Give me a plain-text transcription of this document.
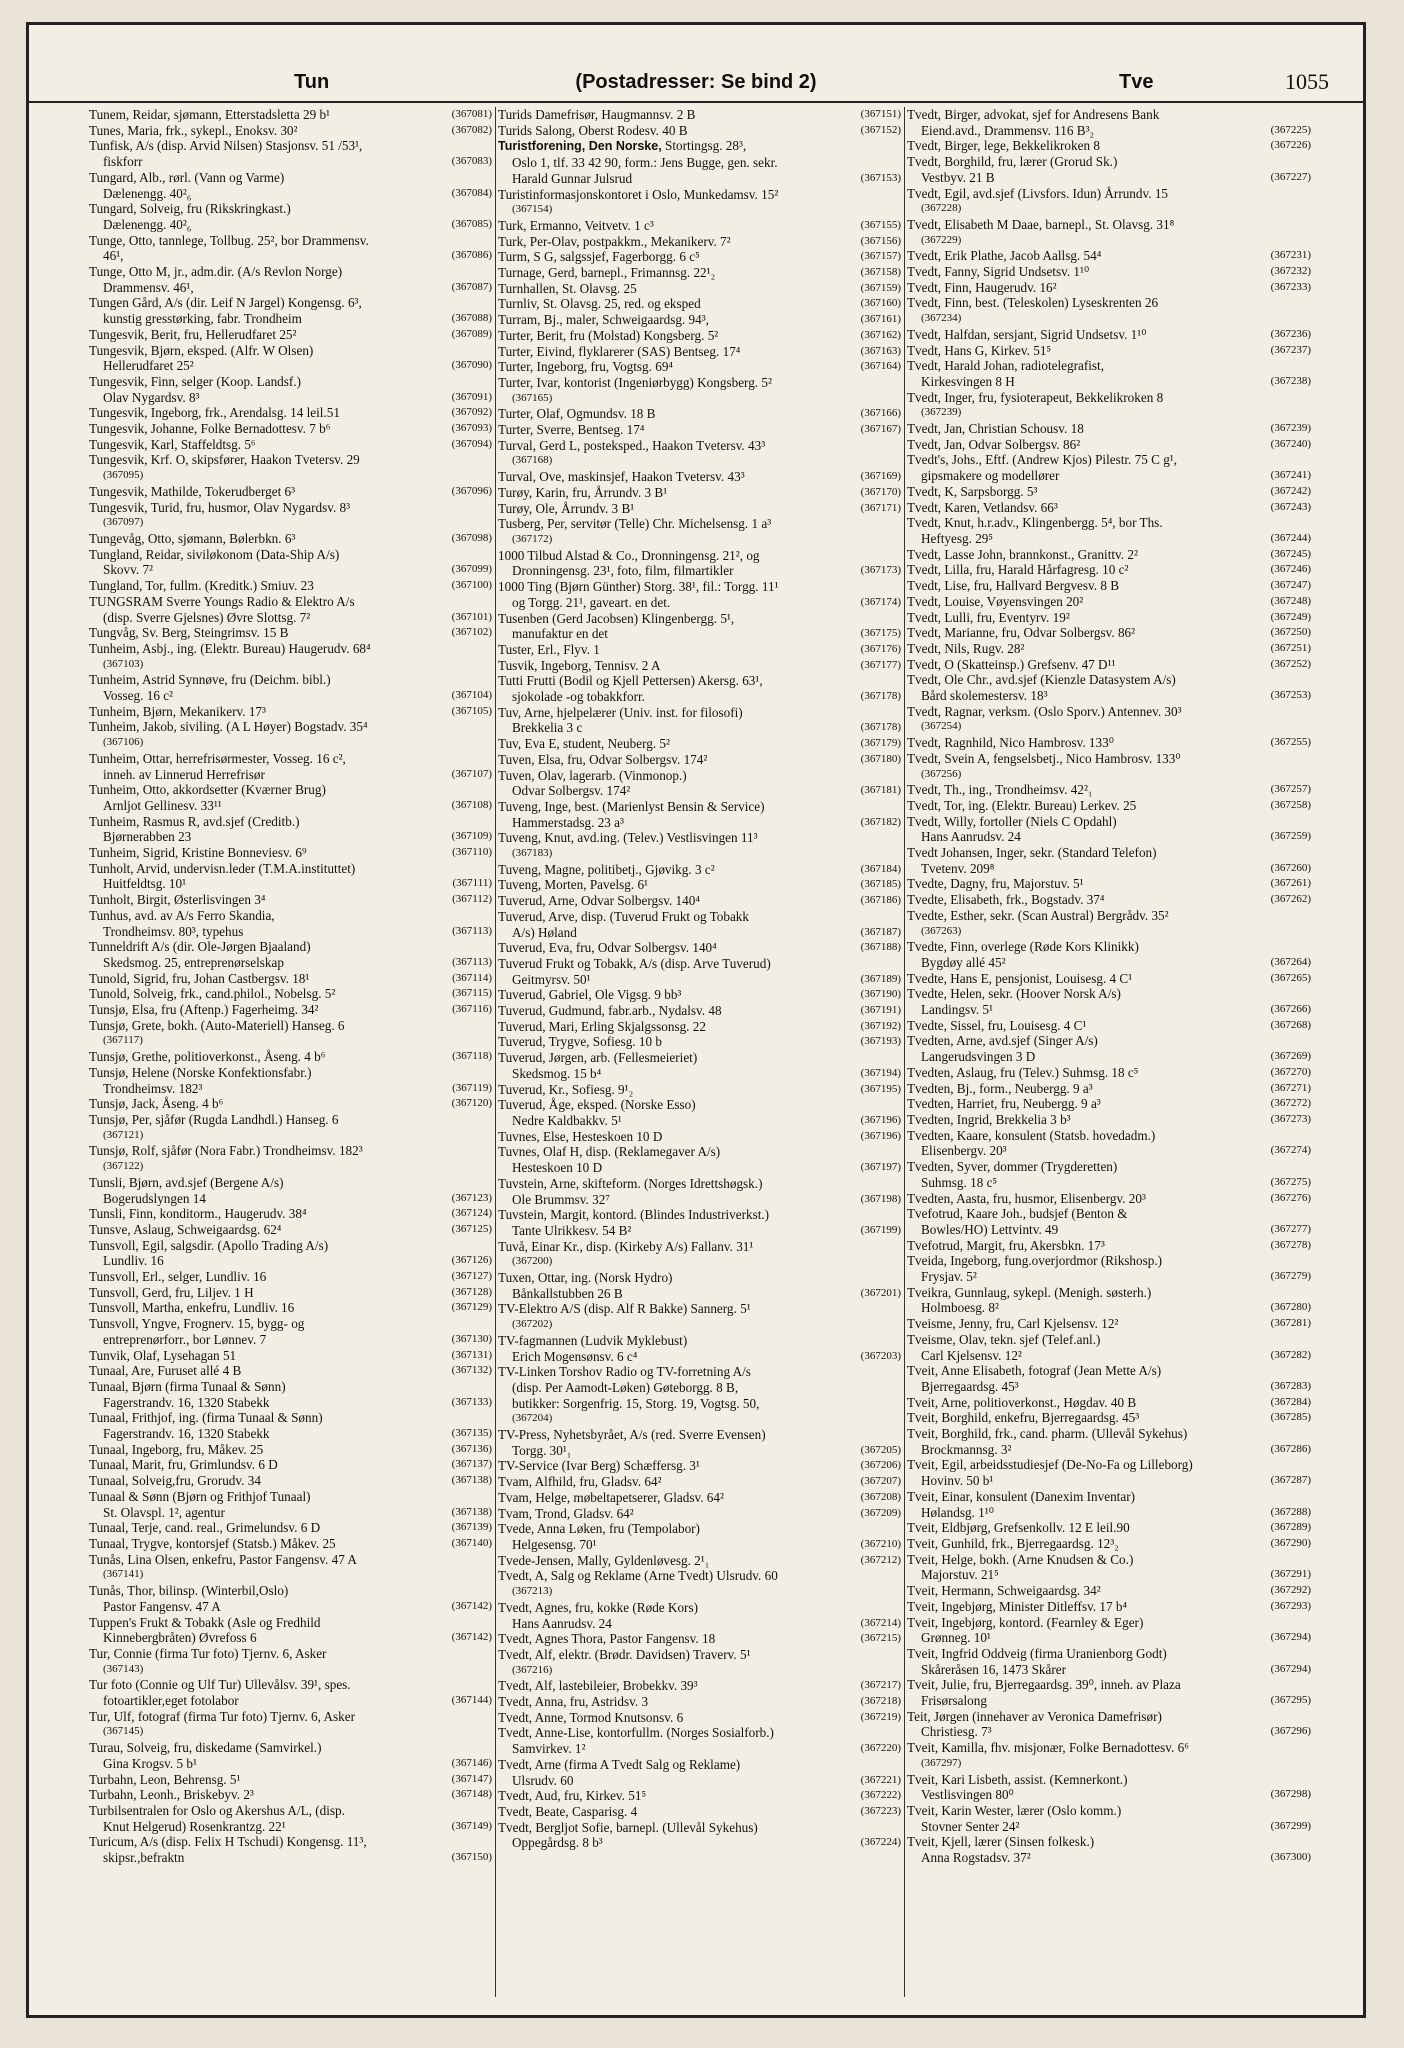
Tun	(Postadresser: Se bind 2)	Tve	1055
Tunem, Reidar, sjømann, Etterstadsletta 29 b¹	(367081)
Tunes, Maria, frk., sykepl., Enoksv. 30²	(367082)
Tunfisk, A/s (disp. Arvid Nilsen) Stasjonsv. 51 /53¹,
fiskforr	(367083)
Tungard, Alb., rørl. (Vann og Varme)
Dælenengg. 40²₆	(367084)
Tungard, Solveig, fru (Rikskringkast.)
Dælenengg. 40²₆	(367085)
Tunge, Otto, tannlege, Tollbug. 25², bor Drammensv.
46¹,	(367086)
Tunge, Otto M, jr., adm.dir. (A/s Revlon Norge)
Drammensv. 46¹,	(367087)
Tungen Gård, A/s (dir. Leif N Jargel) Kongensg. 6³,
kunstig gresstørking, fabr. Trondheim	(367088)
Tungesvik, Berit, fru, Hellerudfaret 25²	(367089)
Tungesvik, Bjørn, eksped. (Alfr. W Olsen)
Hellerudfaret 25²	(367090)
Tungesvik, Finn, selger (Koop. Landsf.)
Olav Nygardsv. 8³	(367091)
Tungesvik, Ingeborg, frk., Arendalsg. 14 leil.51	(367092)
Tungesvik, Johanne, Folke Bernadottesv. 7 b⁶	(367093)
Tungesvik, Karl, Staffeldtsg. 5⁶	(367094)
Tungesvik, Krf. O, skipsfører, Haakon Tvetersv. 29
(367095)
Tungesvik, Mathilde, Tokerudberget 6³	(367096)
Tungesvik, Turid, fru, husmor, Olav Nygardsv. 8³
(367097)
Tungevåg, Otto, sjømann, Bølerbkn. 6³	(367098)
Tungland, Reidar, siviløkonom (Data-Ship A/s)
Skovv. 7²	(367099)
Tungland, Tor, fullm. (Kreditk.) Smiuv. 23	(367100)
TUNGSRAM Sverre Youngs Radio & Elektro A/s
(disp. Sverre Gjelsnes) Øvre Slottsg. 7²	(367101)
Tungvåg, Sv. Berg, Steingrimsv. 15 B	(367102)
Tunheim, Asbj., ing. (Elektr. Bureau) Haugerudv. 68⁴
(367103)
Tunheim, Astrid Synnøve, fru (Deichm. bibl.)
Vosseg. 16 c²	(367104)
Tunheim, Bjørn, Mekanikerv. 17³	(367105)
Tunheim, Jakob, siviling. (A L Høyer) Bogstadv. 35⁴
(367106)
Tunheim, Ottar, herrefrisørmester, Vosseg. 16 c²,
inneh. av Linnerud Herrefrisør	(367107)
Tunheim, Otto, akkordsetter (Kværner Brug)
Arnljot Gellinesv. 33¹¹	(367108)
Tunheim, Rasmus R, avd.sjef (Creditb.)
Bjørnerabben 23	(367109)
Tunheim, Sigrid, Kristine Bonneviesv. 6⁹	(367110)
Tunholt, Arvid, undervisn.leder (T.M.A.instituttet)
Huitfeldtsg. 10¹	(367111)
Tunholt, Birgit, Østerlisvingen 3⁴	(367112)
Tunhus, avd. av A/s Ferro Skandia,
Trondheimsv. 80³, typehus	(367113)
Tunneldrift A/s (dir. Ole-Jørgen Bjaaland)
Skedsmog. 25, entreprenørselskap	(367113)
Tunold, Sigrid, fru, Johan Castbergsv. 18¹	(367114)
Tunold, Solveig, frk., cand.philol., Nobelsg. 5²	(367115)
Tunsjø, Elsa, fru (Aftenp.) Fagerheimg. 34²	(367116)
Tunsjø, Grete, bokh. (Auto-Materiell) Hanseg. 6
(367117)
Tunsjø, Grethe, politioverkonst., Åseng. 4 b⁶	(367118)
Tunsjø, Helene (Norske Konfektionsfabr.)
Trondheimsv. 182³	(367119)
Tunsjø, Jack, Åseng. 4 b⁶	(367120)
Tunsjø, Per, sjåfør (Rugda Landhdl.) Hanseg. 6
(367121)
Tunsjø, Rolf, sjåfør (Nora Fabr.) Trondheimsv. 182³
(367122)
Tunsli, Bjørn, avd.sjef (Bergene A/s)
Bogerudslyngen 14	(367123)
Tunsli, Finn, konditorm., Haugerudv. 38⁴	(367124)
Tunsve, Aslaug, Schweigaardsg. 62⁴	(367125)
Tunsvoll, Egil, salgsdir. (Apollo Trading A/s)
Lundliv. 16	(367126)
Tunsvoll, Erl., selger, Lundliv. 16	(367127)
Tunsvoll, Gerd, fru, Liljev. 1 H	(367128)
Tunsvoll, Martha, enkefru, Lundliv. 16	(367129)
Tunsvoll, Yngve, Frognerv. 15, bygg- og
entreprenørforr., bor Lønnev. 7	(367130)
Tunvik, Olaf, Lysehagan 51	(367131)
Tunaal, Are, Furuset allé 4 B	(367132)
Tunaal, Bjørn (firma Tunaal & Sønn)
Fagerstrandv. 16, 1320 Stabekk	(367133)
Tunaal, Frithjof, ing. (firma Tunaal & Sønn)
Fagerstrandv. 16, 1320 Stabekk	(367135)
Tunaal, Ingeborg, fru, Måkev. 25	(367136)
Tunaal, Marit, fru, Grimlundsv. 6 D	(367137)
Tunaal, Solveig,fru, Grorudv. 34	(367138)
Tunaal & Sønn (Bjørn og Frithjof Tunaal)
St. Olavspl. 1², agentur	(367138)
Tunaal, Terje, cand. real., Grimelundsv. 6 D	(367139)
Tunaal, Trygve, kontorsjef (Statsb.) Måkev. 25	(367140)
Tunås, Lina Olsen, enkefru, Pastor Fangensv. 47 A
(367141)
Tunås, Thor, bilinsp. (Winterbil,Oslo)
Pastor Fangensv. 47 A	(367142)
Tuppen's Frukt & Tobakk (Asle og Fredhild
Kinnebergbråten) Øvrefoss 6	(367142)
Tur, Connie (firma Tur foto) Tjernv. 6, Asker
(367143)
Tur foto (Connie og Ulf Tur) Ullevålsv. 39¹, spes.
fotoartikler,eget fotolabor	(367144)
Tur, Ulf, fotograf (firma Tur foto) Tjernv. 6, Asker
(367145)
Turau, Solveig, fru, diskedame (Samvirkel.)
Gina Krogsv. 5 b¹	(367146)
Turbahn, Leon, Behrensg. 5¹	(367147)
Turbahn, Leonh., Briskebyv. 2³	(367148)
Turbilsentralen for Oslo og Akershus A/L, (disp.
Knut Helgerud) Rosenkrantzg. 22¹	(367149)
Turicum, A/s (disp. Felix H Tschudi) Kongensg. 11³,
skipsr.,befraktn	(367150)
Turids Damefrisør, Haugmannsv. 2 B	(367151)
Turids Salong, Oberst Rodesv. 40 B	(367152)
Turistforening, Den Norske, Stortingsg. 28³,
Oslo 1, tlf. 33 42 90, form.: Jens Bugge, gen. sekr.
Harald Gunnar Julsrud	(367153)
Turistinformasjonskontoret i Oslo, Munkedamsv. 15²
(367154)
Turk, Ermanno, Veitvetv. 1 c³	(367155)
Turk, Per-Olav, postpakkm., Mekanikerv. 7²	(367156)
Turm, S G, salgssjef, Fagerborgg. 6 c⁵	(367157)
Turnage, Gerd, barnepl., Frimannsg. 22¹₂	(367158)
Turnhallen, St. Olavsg. 25	(367159)
Turnliv, St. Olavsg. 25, red. og eksped	(367160)
Turram, Bj., maler, Schweigaardsg. 94³,	(367161)
Turter, Berit, fru (Molstad) Kongsberg. 5²	(367162)
Turter, Eivind, flyklarerer (SAS) Bentseg. 17⁴	(367163)
Turter, Ingeborg, fru, Vogtsg. 69⁴	(367164)
Turter, Ivar, kontorist (Ingeniørbygg) Kongsberg. 5²
(367165)
Turter, Olaf, Ogmundsv. 18 B	(367166)
Turter, Sverre, Bentseg. 17⁴	(367167)
Turval, Gerd L, posteksped., Haakon Tvetersv. 43³
(367168)
Turval, Ove, maskinsjef, Haakon Tvetersv. 43³	(367169)
Turøy, Karin, fru, Årrundv. 3 B¹	(367170)
Turøy, Ole, Årrundv. 3 B¹	(367171)
Tusberg, Per, servitør (Telle) Chr. Michelsensg. 1 a³
(367172)
1000 Tilbud Alstad & Co., Dronningensg. 21², og
Dronningensg. 23¹, foto, film, filmartikler	(367173)
1000 Ting (Bjørn Günther) Storg. 38¹, fil.: Torgg. 11¹
og Torgg. 21¹, gaveart. en det.	(367174)
Tusenben (Gerd Jacobsen) Klingenbergg. 5¹,
manufaktur en det	(367175)
Tuster, Erl., Flyv. 1	(367176)
Tusvik, Ingeborg, Tennisv. 2 A	(367177)
Tutti Frutti (Bodil og Kjell Pettersen) Akersg. 63¹,
sjokolade -og tobakkforr.	(367178)
Tuv, Arne, hjelpelærer (Univ. inst. for filosofi)
Brekkelia 3 c	(367178)
Tuv, Eva E, student, Neuberg. 5²	(367179)
Tuven, Elsa, fru, Odvar Solbergsv. 174²	(367180)
Tuven, Olav, lagerarb. (Vinmonop.)
Odvar Solbergsv. 174²	(367181)
Tuveng, Inge, best. (Marienlyst Bensin & Service)
Hammerstadsg. 23 a³	(367182)
Tuveng, Knut, avd.ing. (Telev.) Vestlisvingen 11³
(367183)
Tuveng, Magne, politibetj., Gjøvikg. 3 c²	(367184)
Tuveng, Morten, Pavelsg. 6¹	(367185)
Tuverud, Arne, Odvar Solbergsv. 140⁴	(367186)
Tuverud, Arve, disp. (Tuverud Frukt og Tobakk
A/s) Høland	(367187)
Tuverud, Eva, fru, Odvar Solbergsv. 140⁴	(367188)
Tuverud Frukt og Tobakk, A/s (disp. Arve Tuverud)
Geitmyrsv. 50¹	(367189)
Tuverud, Gabriel, Ole Vigsg. 9 bb³	(367190)
Tuverud, Gudmund, fabr.arb., Nydalsv. 48	(367191)
Tuverud, Mari, Erling Skjalgssonsg. 22	(367192)
Tuverud, Trygve, Sofiesg. 10 b	(367193)
Tuverud, Jørgen, arb. (Fellesmeieriet)
Skedsmog. 15 b⁴	(367194)
Tuverud, Kr., Sofiesg. 9¹₂	(367195)
Tuverud, Åge, eksped. (Norske Esso)
Nedre Kaldbakkv. 5¹	(367196)
Tuvnes, Else, Hesteskoen 10 D	(367196)
Tuvnes, Olaf H, disp. (Reklamegaver A/s)
Hesteskoen 10 D	(367197)
Tuvstein, Arne, skifteform. (Norges Idrettshøgsk.)
Ole Brummsv. 32⁷	(367198)
Tuvstein, Margit, kontord. (Blindes Industriverkst.)
Tante Ulrikkesv. 54 B²	(367199)
Tuvå, Einar Kr., disp. (Kirkeby A/s) Fallanv. 31¹
(367200)
Tuxen, Ottar, ing. (Norsk Hydro)
Bånkallstubben 26 B	(367201)
TV-Elektro A/S (disp. Alf R Bakke) Sannerg. 5¹
(367202)
TV-fagmannen (Ludvik Myklebust)
Erich Mogensønsv. 6 c⁴	(367203)
TV-Linken Torshov Radio og TV-forretning A/s
(disp. Per Aamodt-Løken) Gøteborgg. 8 B,
butikker: Sorgenfrig. 15, Storg. 19, Vogtsg. 50,
(367204)
TV-Press, Nyhetsbyrået, A/s (red. Sverre Evensen)
Torgg. 30¹₁	(367205)
TV-Service (Ivar Berg) Schæffersg. 3¹	(367206)
Tvam, Alfhild, fru, Gladsv. 64²	(367207)
Tvam, Helge, møbeltapetserer, Gladsv. 64²	(367208)
Tvam, Trond, Gladsv. 64²	(367209)
Tvede, Anna Løken, fru (Tempolabor)
Helgesensg. 70¹	(367210)
Tvede-Jensen, Mally, Gyldenløvesg. 2¹₁	(367212)
Tvedt, A, Salg og Reklame (Arne Tvedt) Ulsrudv. 60
(367213)
Tvedt, Agnes, fru, kokke (Røde Kors)
Hans Aanrudsv. 24	(367214)
Tvedt, Agnes Thora, Pastor Fangensv. 18	(367215)
Tvedt, Alf, elektr. (Brødr. Davidsen) Traverv. 5¹
(367216)
Tvedt, Alf, lastebileier, Brobekkv. 39³	(367217)
Tvedt, Anna, fru, Astridsv. 3	(367218)
Tvedt, Anne, Tormod Knutsonsv. 6	(367219)
Tvedt, Anne-Lise, kontorfullm. (Norges Sosialforb.)
Samvirkev. 1²	(367220)
Tvedt, Arne (firma A Tvedt Salg og Reklame)
Ulsrudv. 60	(367221)
Tvedt, Aud, fru, Kirkev. 51⁵	(367222)
Tvedt, Beate, Casparisg. 4	(367223)
Tvedt, Bergljot Sofie, barnepl. (Ullevål Sykehus)
Oppegårdsg. 8 b³	(367224)
Tvedt, Birger, advokat, sjef for Andresens Bank
Eiend.avd., Drammensv. 116 B³₂	(367225)
Tvedt, Birger, lege, Bekkelikroken 8	(367226)
Tvedt, Borghild, fru, lærer (Grorud Sk.)
Vestbyv. 21 B	(367227)
Tvedt, Egil, avd.sjef (Livsfors. Idun) Årrundv. 15
(367228)
Tvedt, Elisabeth M Daae, barnepl., St. Olavsg. 31⁸
(367229)
Tvedt, Erik Plathe, Jacob Aallsg. 54⁴	(367231)
Tvedt, Fanny, Sigrid Undsetsv. 1¹⁰	(367232)
Tvedt, Finn, Haugerudv. 16²	(367233)
Tvedt, Finn, best. (Teleskolen) Lyseskrenten 26
(367234)
Tvedt, Halfdan, sersjant, Sigrid Undsetsv. 1¹⁰	(367236)
Tvedt, Hans G, Kirkev. 51⁵	(367237)
Tvedt, Harald Johan, radiotelegrafist,
Kirkesvingen 8 H	(367238)
Tvedt, Inger, fru, fysioterapeut, Bekkelikroken 8
(367239)
Tvedt, Jan, Christian Schousv. 18	(367239)
Tvedt, Jan, Odvar Solbergsv. 86²	(367240)
Tvedt's, Johs., Eftf. (Andrew Kjos) Pilestr. 75 C g¹,
gipsmakere og modellører	(367241)
Tvedt, K, Sarpsborgg. 5³	(367242)
Tvedt, Karen, Vetlandsv. 66³	(367243)
Tvedt, Knut, h.r.adv., Klingenbergg. 5⁴, bor Ths.
Heftyesg. 29⁵	(367244)
Tvedt, Lasse John, brannkonst., Granittv. 2²	(367245)
Tvedt, Lilla, fru, Harald Hårfagresg. 10 c²	(367246)
Tvedt, Lise, fru, Hallvard Bergvesv. 8 B	(367247)
Tvedt, Louise, Vøyensvingen 20²	(367248)
Tvedt, Lulli, fru, Eventyrv. 19²	(367249)
Tvedt, Marianne, fru, Odvar Solbergsv. 86²	(367250)
Tvedt, Nils, Rugv. 28²	(367251)
Tvedt, O (Skatteinsp.) Grefsenv. 47 D¹¹	(367252)
Tvedt, Ole Chr., avd.sjef (Kienzle Datasystem A/s)
Bård skolemestersv. 18³	(367253)
Tvedt, Ragnar, verksm. (Oslo Sporv.) Antennev. 30³
(367254)
Tvedt, Ragnhild, Nico Hambrosv. 133⁰	(367255)
Tvedt, Svein A, fengselsbetj., Nico Hambrosv. 133⁰
(367256)
Tvedt, Th., ing., Trondheimsv. 42²₁	(367257)
Tvedt, Tor, ing. (Elektr. Bureau) Lerkev. 25	(367258)
Tvedt, Willy, fortoller (Niels C Opdahl)
Hans Aanrudsv. 24	(367259)
Tvedt Johansen, Inger, sekr. (Standard Telefon)
Tvetenv. 209⁸	(367260)
Tvedte, Dagny, fru, Majorstuv. 5¹	(367261)
Tvedte, Elisabeth, frk., Bogstadv. 37⁴	(367262)
Tvedte, Esther, sekr. (Scan Austral) Bergrådv. 35²
(367263)
Tvedte, Finn, overlege (Røde Kors Klinikk)
Bygdøy allé 45²	(367264)
Tvedte, Hans E, pensjonist, Louisesg. 4 C¹	(367265)
Tvedte, Helen, sekr. (Hoover Norsk A/s)
Landingsv. 5¹	(367266)
Tvedte, Sissel, fru, Louisesg. 4 C¹	(367268)
Tvedten, Arne, avd.sjef (Singer A/s)
Langerudsvingen 3 D	(367269)
Tvedten, Aslaug, fru (Telev.) Suhmsg. 18 c⁵	(367270)
Tvedten, Bj., form., Neubergg. 9 a³	(367271)
Tvedten, Harriet, fru, Neubergg. 9 a³	(367272)
Tvedten, Ingrid, Brekkelia 3 b³	(367273)
Tvedten, Kaare, konsulent (Statsb. hovedadm.)
Elisenbergv. 20³	(367274)
Tvedten, Syver, dommer (Trygderetten)
Suhmsg. 18 c⁵	(367275)
Tvedten, Aasta, fru, husmor, Elisenbergv. 20³	(367276)
Tvefotrud, Kaare Joh., budsjef (Benton &
Bowles/HO) Lettvintv. 49	(367277)
Tvefotrud, Margit, fru, Akersbkn. 17³	(367278)
Tveida, Ingeborg, fung.overjordmor (Rikshosp.)
Frysjav. 5²	(367279)
Tveikra, Gunnlaug, sykepl. (Menigh. søsterh.)
Holmboesg. 8²	(367280)
Tveisme, Jenny, fru, Carl Kjelsensv. 12²	(367281)
Tveisme, Olav, tekn. sjef (Telef.anl.)
Carl Kjelsensv. 12²	(367282)
Tveit, Anne Elisabeth, fotograf (Jean Mette A/s)
Bjerregaardsg. 45³	(367283)
Tveit, Arne, politioverkonst., Høgdav. 40 B	(367284)
Tveit, Borghild, enkefru, Bjerregaardsg. 45³	(367285)
Tveit, Borghild, frk., cand. pharm. (Ullevål Sykehus)
Brockmannsg. 3²	(367286)
Tveit, Egil, arbeidsstudiesjef (De-No-Fa og Lilleborg)
Hovinv. 50 b¹	(367287)
Tveit, Einar, konsulent (Danexim Inventar)
Hølandsg. 1¹⁰	(367288)
Tveit, Eldbjørg, Grefsenkollv. 12 E leil.90	(367289)
Tveit, Gunhild, frk., Bjerregaardsg. 12³₂	(367290)
Tveit, Helge, bokh. (Arne Knudsen & Co.)
Majorstuv. 21⁵	(367291)
Tveit, Hermann, Schweigaardsg. 34²	(367292)
Tveit, Ingebjørg, Minister Ditleffsv. 17 b⁴	(367293)
Tveit, Ingebjørg, kontord. (Fearnley & Eger)
Grønneg. 10¹	(367294)
Tveit, Ingfrid Oddveig (firma Uranienborg Godt)
Skåreråsen 16, 1473 Skårer	(367294)
Tveit, Julie, fru, Bjerregaardsg. 39⁰, inneh. av Plaza
Frisørsalong	(367295)
Teit, Jørgen (innehaver av Veronica Damefrisør)
Christiesg. 7³	(367296)
Tveit, Kamilla, fhv. misjonær, Folke Bernadottesv. 6⁶
(367297)
Tveit, Kari Lisbeth, assist. (Kemnerkont.)
Vestlisvingen 80⁰	(367298)
Tveit, Karin Wester, lærer (Oslo komm.)
Stovner Senter 24²	(367299)
Tveit, Kjell, lærer (Sinsen folkesk.)
Anna Rogstadsv. 37²	(367300)
